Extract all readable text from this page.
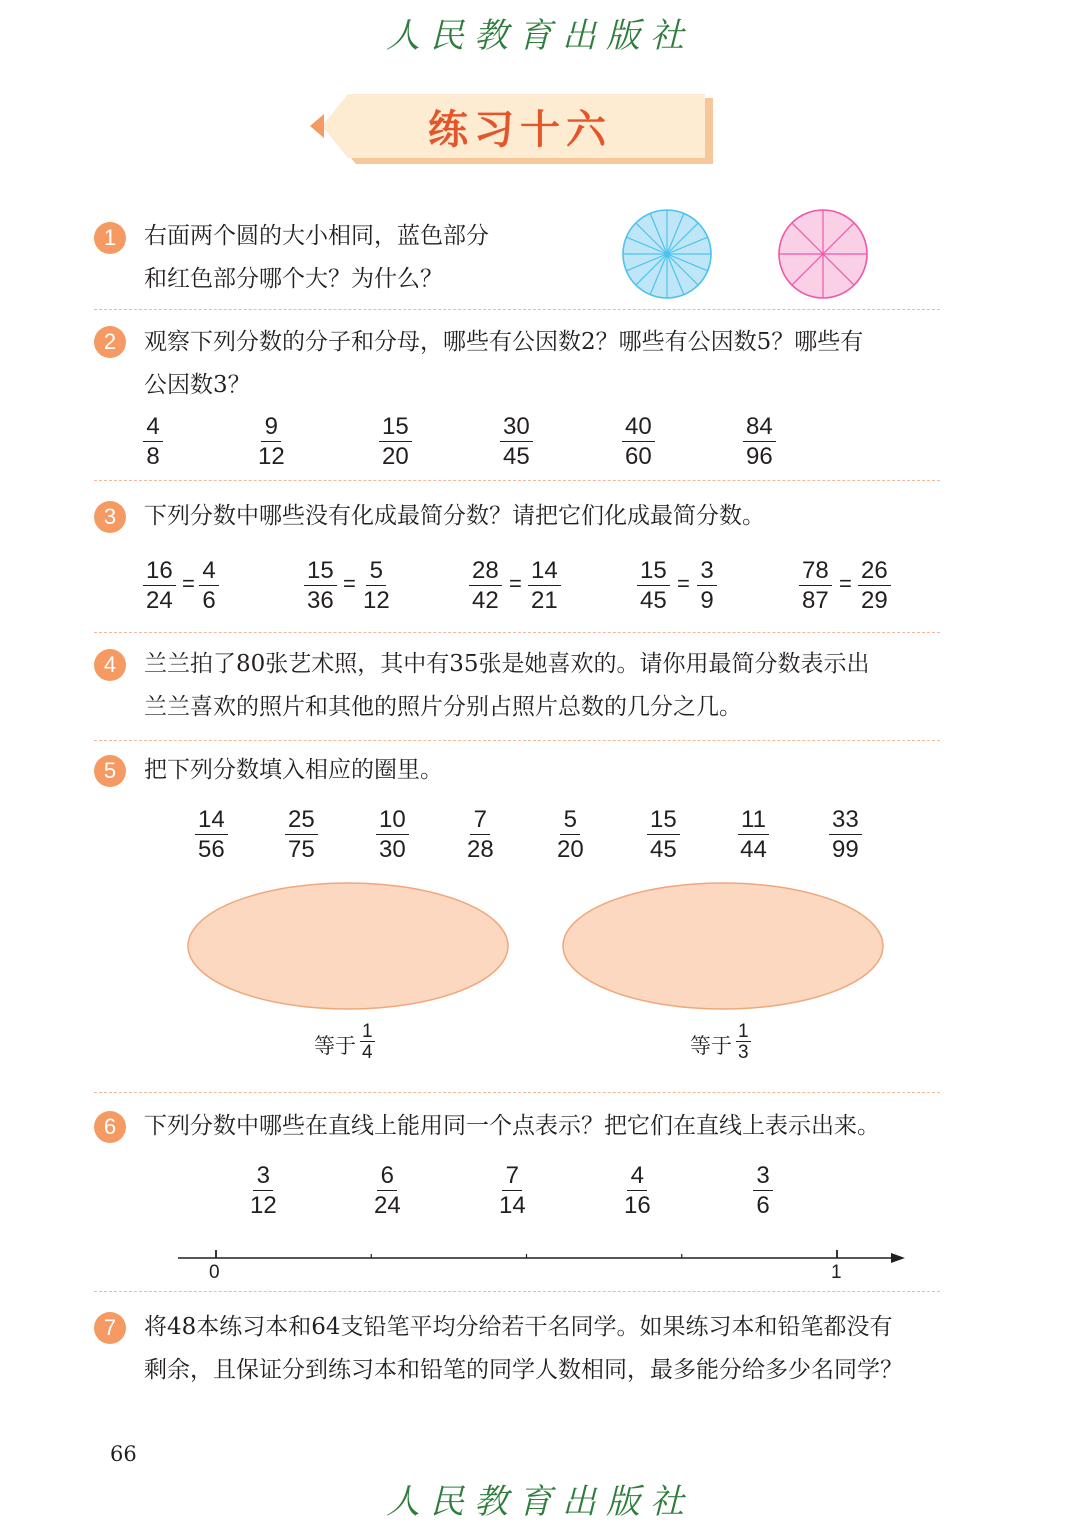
人民教育出版社
练习十六
1	右面两个圆的大小相同，蓝色部分
和红色部分哪个大？为什么？
2	观察下列分数的分子和分母，哪些有公因数2？哪些有公因数5？哪些有
公因数3？
$\frac{4}{8}$	$\frac{9}{12}$	$\frac{15}{20}$	$\frac{30}{45}$	$\frac{40}{60}$	$\frac{84}{96}$
3	下列分数中哪些没有化成最简分数？请把它们化成最简分数。
$\frac{16}{24} = \frac{4}{6}$	$\frac{15}{36} = \frac{5}{12}$	$\frac{28}{42} = \frac{14}{21}$	$\frac{15}{45} = \frac{3}{9}$	$\frac{78}{87} = \frac{26}{29}$
4	兰兰拍了80张艺术照，其中有35张是她喜欢的。请你用最简分数表示出
兰兰喜欢的照片和其他的照片分别占照片总数的几分之几。
5	把下列分数填入相应的圈里。
$\frac{14}{56} \frac{25}{75} \frac{10}{30} \frac{7}{28}$	$\frac{5}{20}$	$\frac{15}{45} \frac{11}{44}$	$\frac{33}{99}$
等于 $\frac{1}{4}$	等于 $\frac{1}{3}$
6	下列分数中哪些在直线上能用同一个点表示？把它们在直线上表示出来。
$\frac{3}{12}$	$\frac{6}{24}$	$\frac{7}{14}$	$\frac{4}{16}$	$\frac{3}{6}$
0	1
7	将48本练习本和64支铅笔平均分给若干名同学。如果练习本和铅笔都没有
剩余，且保证分到练习本和铅笔的同学人数相同，最多能分给多少名同学？
66
人民教育出版社
